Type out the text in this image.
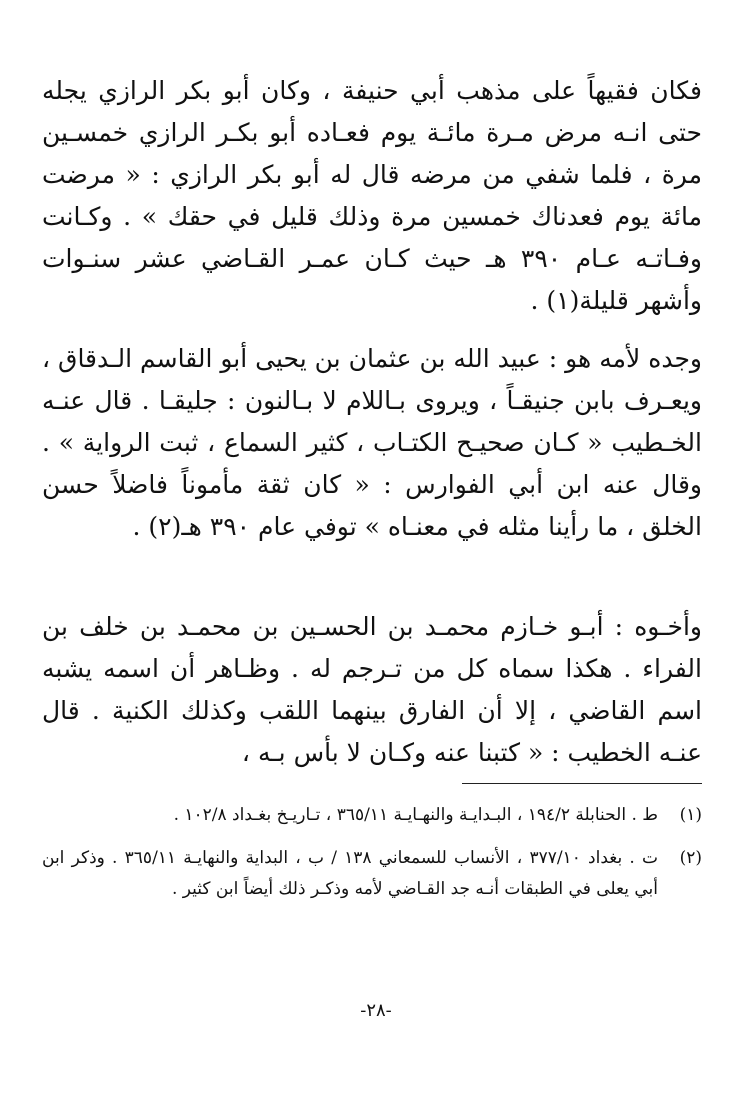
فكان فقيهاً على مذهب أبي حنيفة ، وكان أبو بكر الرازي يجله حتى انـه مرض مـرة مائـة يوم فعـاده أبو بكـر الرازي خمسـين مرة ، فلما شفي من مرضه قال له أبو بكر الرازي : « مرضت مائة يوم فعدناك خمسين مرة وذلك قليل في حقك » . وكـانت وفـاتـه عـام ٣٩٠ هـ حيث كـان عمـر القـاضي عشر سنـوات وأشهر قليلة(١) .

وجده لأمه هو : عبيد الله بن عثمان بن يحيى أبو القاسم الـدقاق ، ويعـرف بابن جنيقـاً ، ويروى بـاللام لا بـالنون : جليقـا . قال عنـه الخـطيب « كـان صحيـح الكتـاب ، كثير السماع ، ثبت الرواية » . وقال عنه ابن أبي الفوارس : « كان ثقة مأموناً فاضلاً حسن الخلق ، ما رأينا مثله في معنـاه » توفي عام ٣٩٠ هـ(٢) .

وأخـوه : أبـو خـازم محمـد بن الحسـين بن محمـد بن خلف بن الفراء . هكذا سماه كل من تـرجم له . وظـاهر أن اسمه يشبه اسم القاضي ، إلا أن الفارق بينهما اللقب وكذلك الكنية . قال عنـه الخطيب : « كتبنا عنه وكـان لا بأس بـه ،

(١)
ط . الحنابلة ١٩٤/٢ ، البـدايـة والنهـايـة ٣٦٥/١١ ، تـاريـخ بغـداد ١٠٢/٨ .
(٢)
ت . بغداد ٣٧٧/١٠ ، الأنساب للسمعاني ١٣٨ / ب ، البداية والنهايـة ٣٦٥/١١ . وذكر ابن أبي يعلى في الطبقات أنـه جد القـاضي لأمه وذكـر ذلك أيضاً ابن كثير .
-٢٨-
